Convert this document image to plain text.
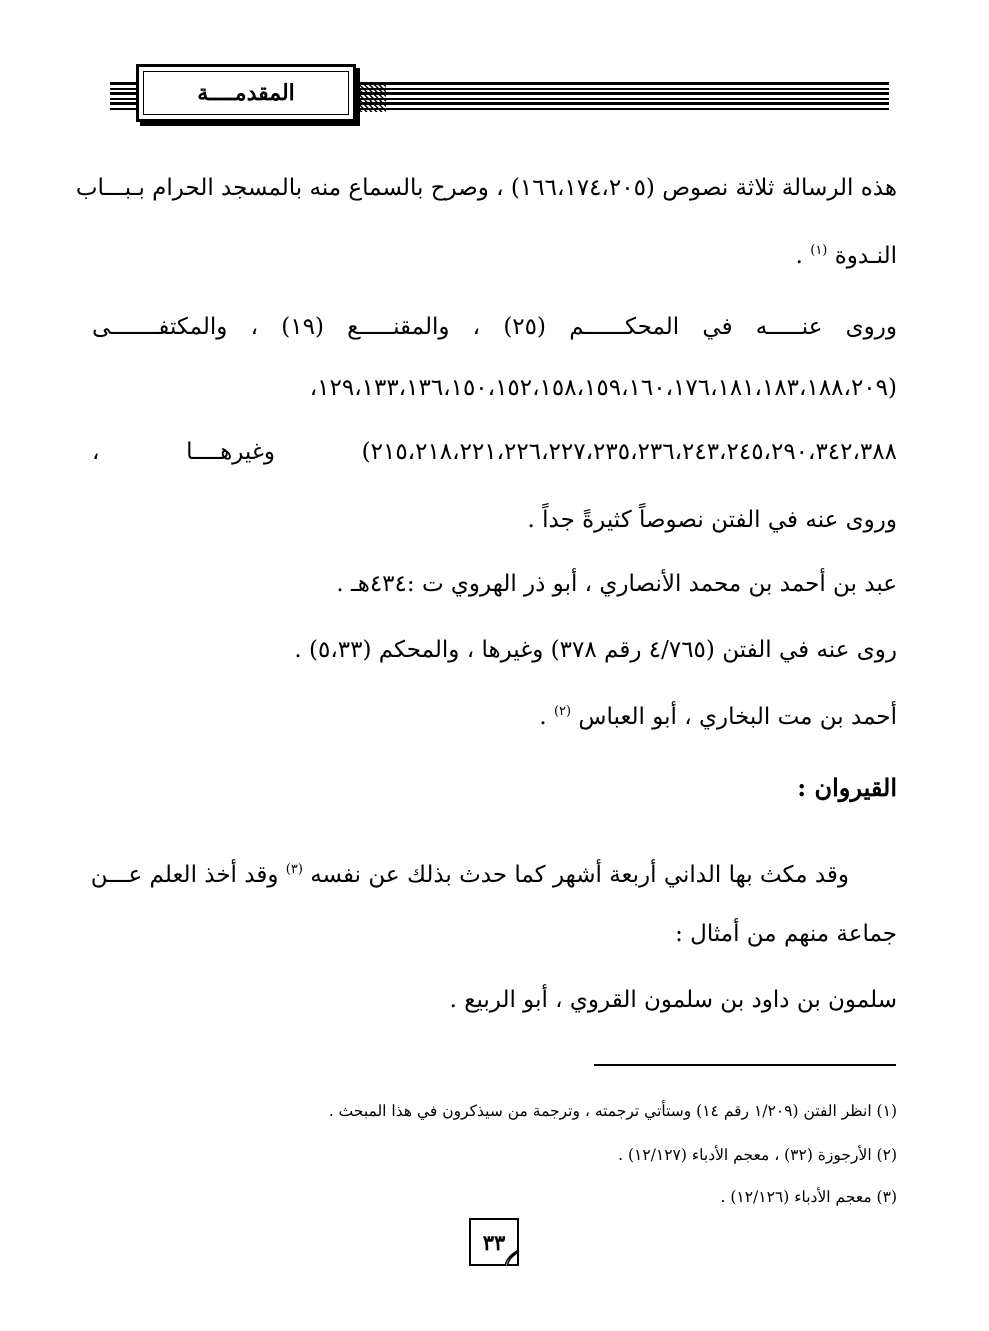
المقدمــــة
هذه الرسالة ثلاثة نصوص (١٦٦،١٧٤،٢٠٥) ، وصرح بالسماع منه بالمسجد الحرام بـبـــاب
النـدوة $^{(١)}$ .
وروى عنـــــه في المحكــــــم (٢٥) ، والمقنـــــع (١٩) ، والمكتفـــــــى
(١٢٩،١٣٣،١٣٦،١٥٠،١٥٢،١٥٨،١٥٩،١٦٠،١٧٦،١٨١،١٨٣،١٨٨،٢٠٩،
٢١٥،٢١٨،٢٢١،٢٢٦،٢٢٧،٢٣٥،٢٣٦،٢٤٣،٢٤٥،٢٩٠،٣٤٢،٣٨٨) وغيرهــــا ،
وروى عنه في الفتن نصوصاً كثيرةً جداً .
عبد بن أحمد بن محمد الأنصاري ، أبو ذر الهروي ت :٤٣٤هـ .
روى عنه في الفتن (٤/٧٦٥ رقم ٣٧٨) وغيرها ، والمحكم (٥،٣٣) .
أحمد بن مت البخاري ، أبو العباس $^{(٢)}$ .
القيروان :
وقد مكث بها الداني أربعة أشهر كما حدث بذلك عن نفسه $^{(٣)}$ وقد أخذ العلم عـــن
جماعة منهم من أمثال :
سلمون بن داود بن سلمون القروي ، أبو الربيع .
(١) انظر الفتن (١/٢٠٩ رقم ١٤) وستأتي ترجمته ، وترجمة من سيذكرون في هذا المبحث .
(٢) الأرجوزة (٣٢) ، معجم الأدباء (١٢/١٢٧) .
(٣) معجم الأدباء (١٢/١٢٦) .
٣٣
